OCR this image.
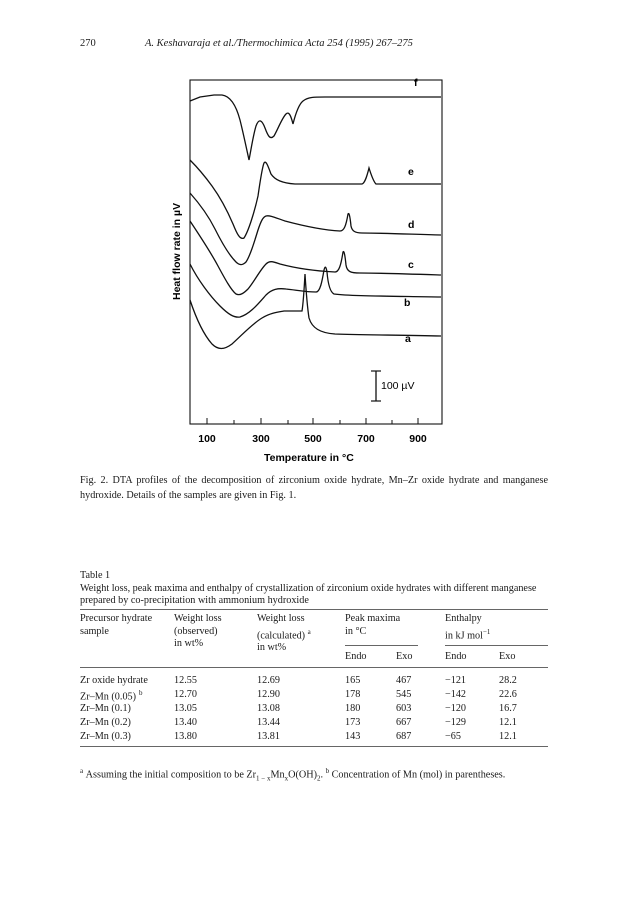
270	A. Keshavaraja et al./Thermochimica Acta 254 (1995) 267–275
f
e
d
c
b
a
100 µV
100	300	500	700	900
Heat flow rate in µV
Temperature in °C
Fig. 2. DTA profiles of the decomposition of zirconium oxide hydrate, Mn–Zr oxide hydrate and manganese hydroxide. Details of the samples are given in Fig. 1.
Table 1
Weight loss, peak maxima and enthalpy of crystallization of zirconium oxide hydrates with different manganese prepared by co-precipitation with ammonium hydroxide
Precursor hydrate
sample
Weight loss
(observed)
in wt%
Weight loss
(calculated) $^a$
in wt%
Peak maxima
in °C
Enthalpy
in kJ mol$^{-1}$
Endo	Exo	Endo	Exo
Zr oxide hydrate	12.55	12.69	165	467	−121	28.2
Zr–Mn (0.05) $^b$	12.70	12.90	178	545	−142	22.6
Zr–Mn (0.1)	13.05	13.08	180	603	−120	16.7
Zr–Mn (0.2)	13.40	13.44	173	667	−129	12.1
Zr–Mn (0.3)	13.80	13.81	143	687	−65	12.1
$^a$ Assuming the initial composition to be $Zr_{1 - x}Mn_xO(OH)_2$. $^b$ Concentration of Mn (mol) in parentheses.
